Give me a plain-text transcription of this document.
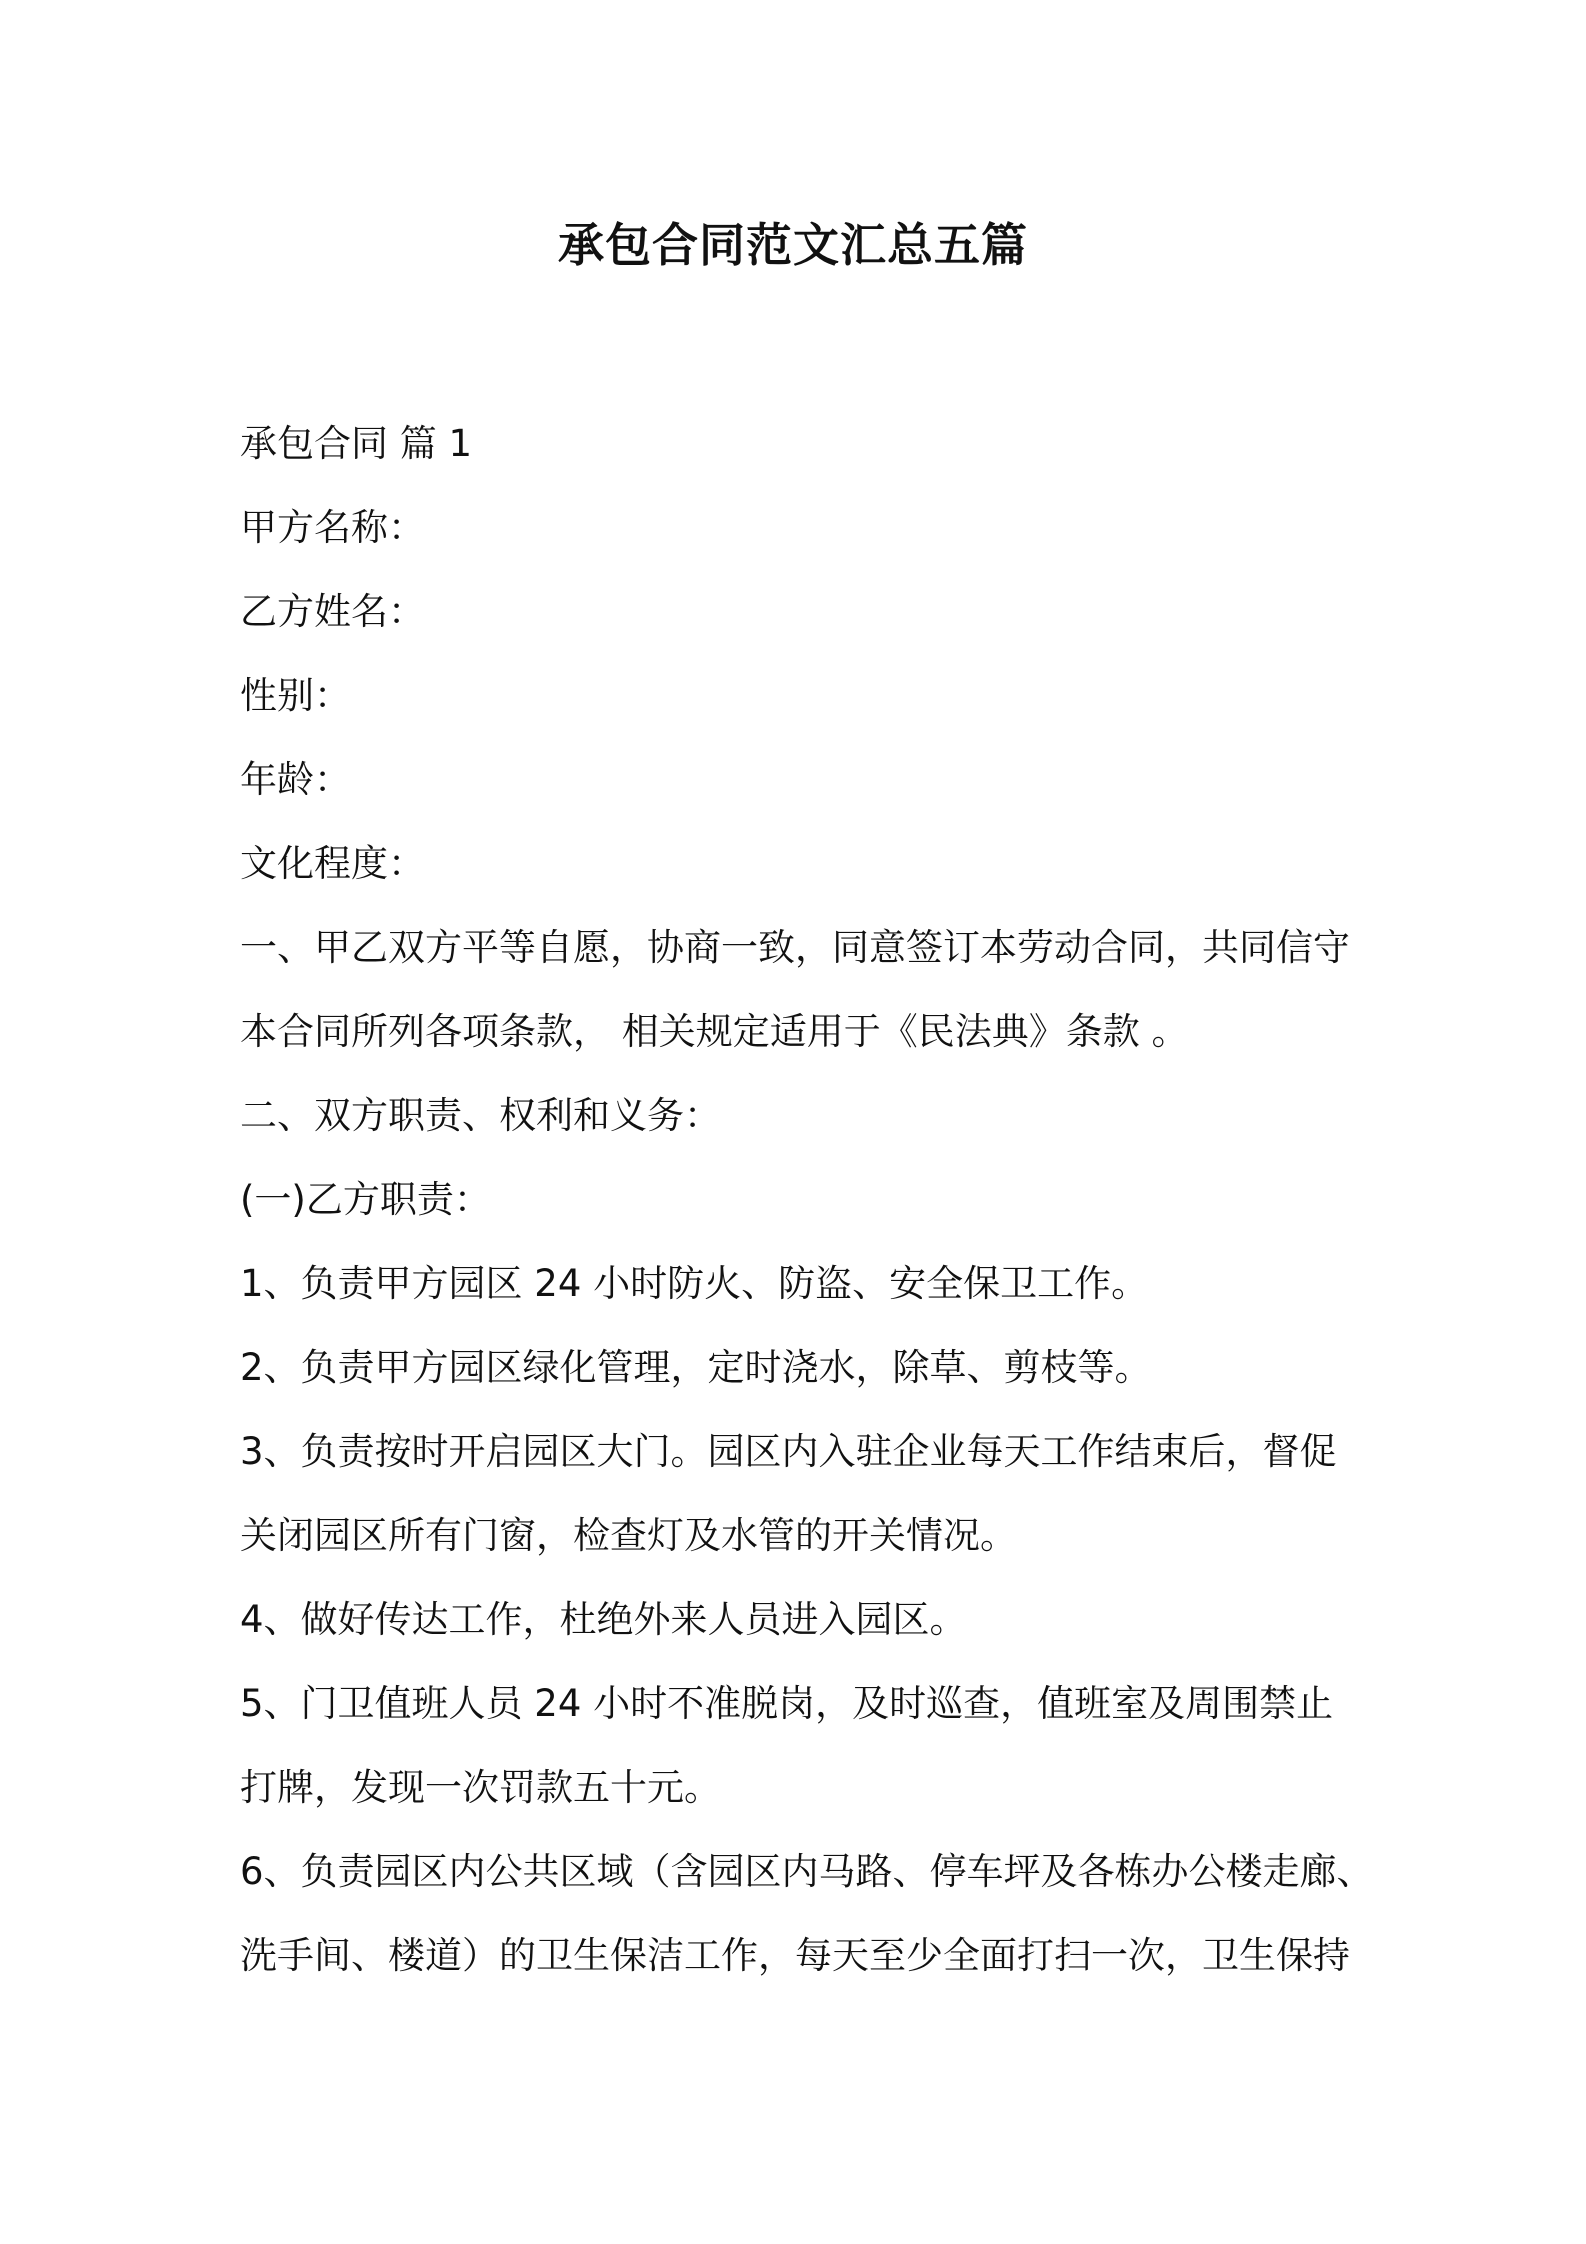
承包合同范文汇总五篇
承包合同 篇 1
甲方名称：
乙方姓名：
性别：
年龄：
文化程度：
一、甲乙双方平等自愿，协商一致，同意签订本劳动合同，共同信守
本合同所列各项条款， 相关规定适用于《民法典》条款 。
二、双方职责、权利和义务：
(一)乙方职责：
1、负责甲方园区 24 小时防火、防盗、安全保卫工作。
2、负责甲方园区绿化管理，定时浇水，除草、剪枝等。
3、负责按时开启园区大门。园区内入驻企业每天工作结束后，督促
关闭园区所有门窗，检查灯及水管的开关情况。
4、做好传达工作，杜绝外来人员进入园区。
5、门卫值班人员 24 小时不准脱岗，及时巡查，值班室及周围禁止
打牌，发现一次罚款五十元。
6、负责园区内公共区域（含园区内马路、停车坪及各栋办公楼走廊、
洗手间、楼道）的卫生保洁工作，每天至少全面打扫一次，卫生保持
